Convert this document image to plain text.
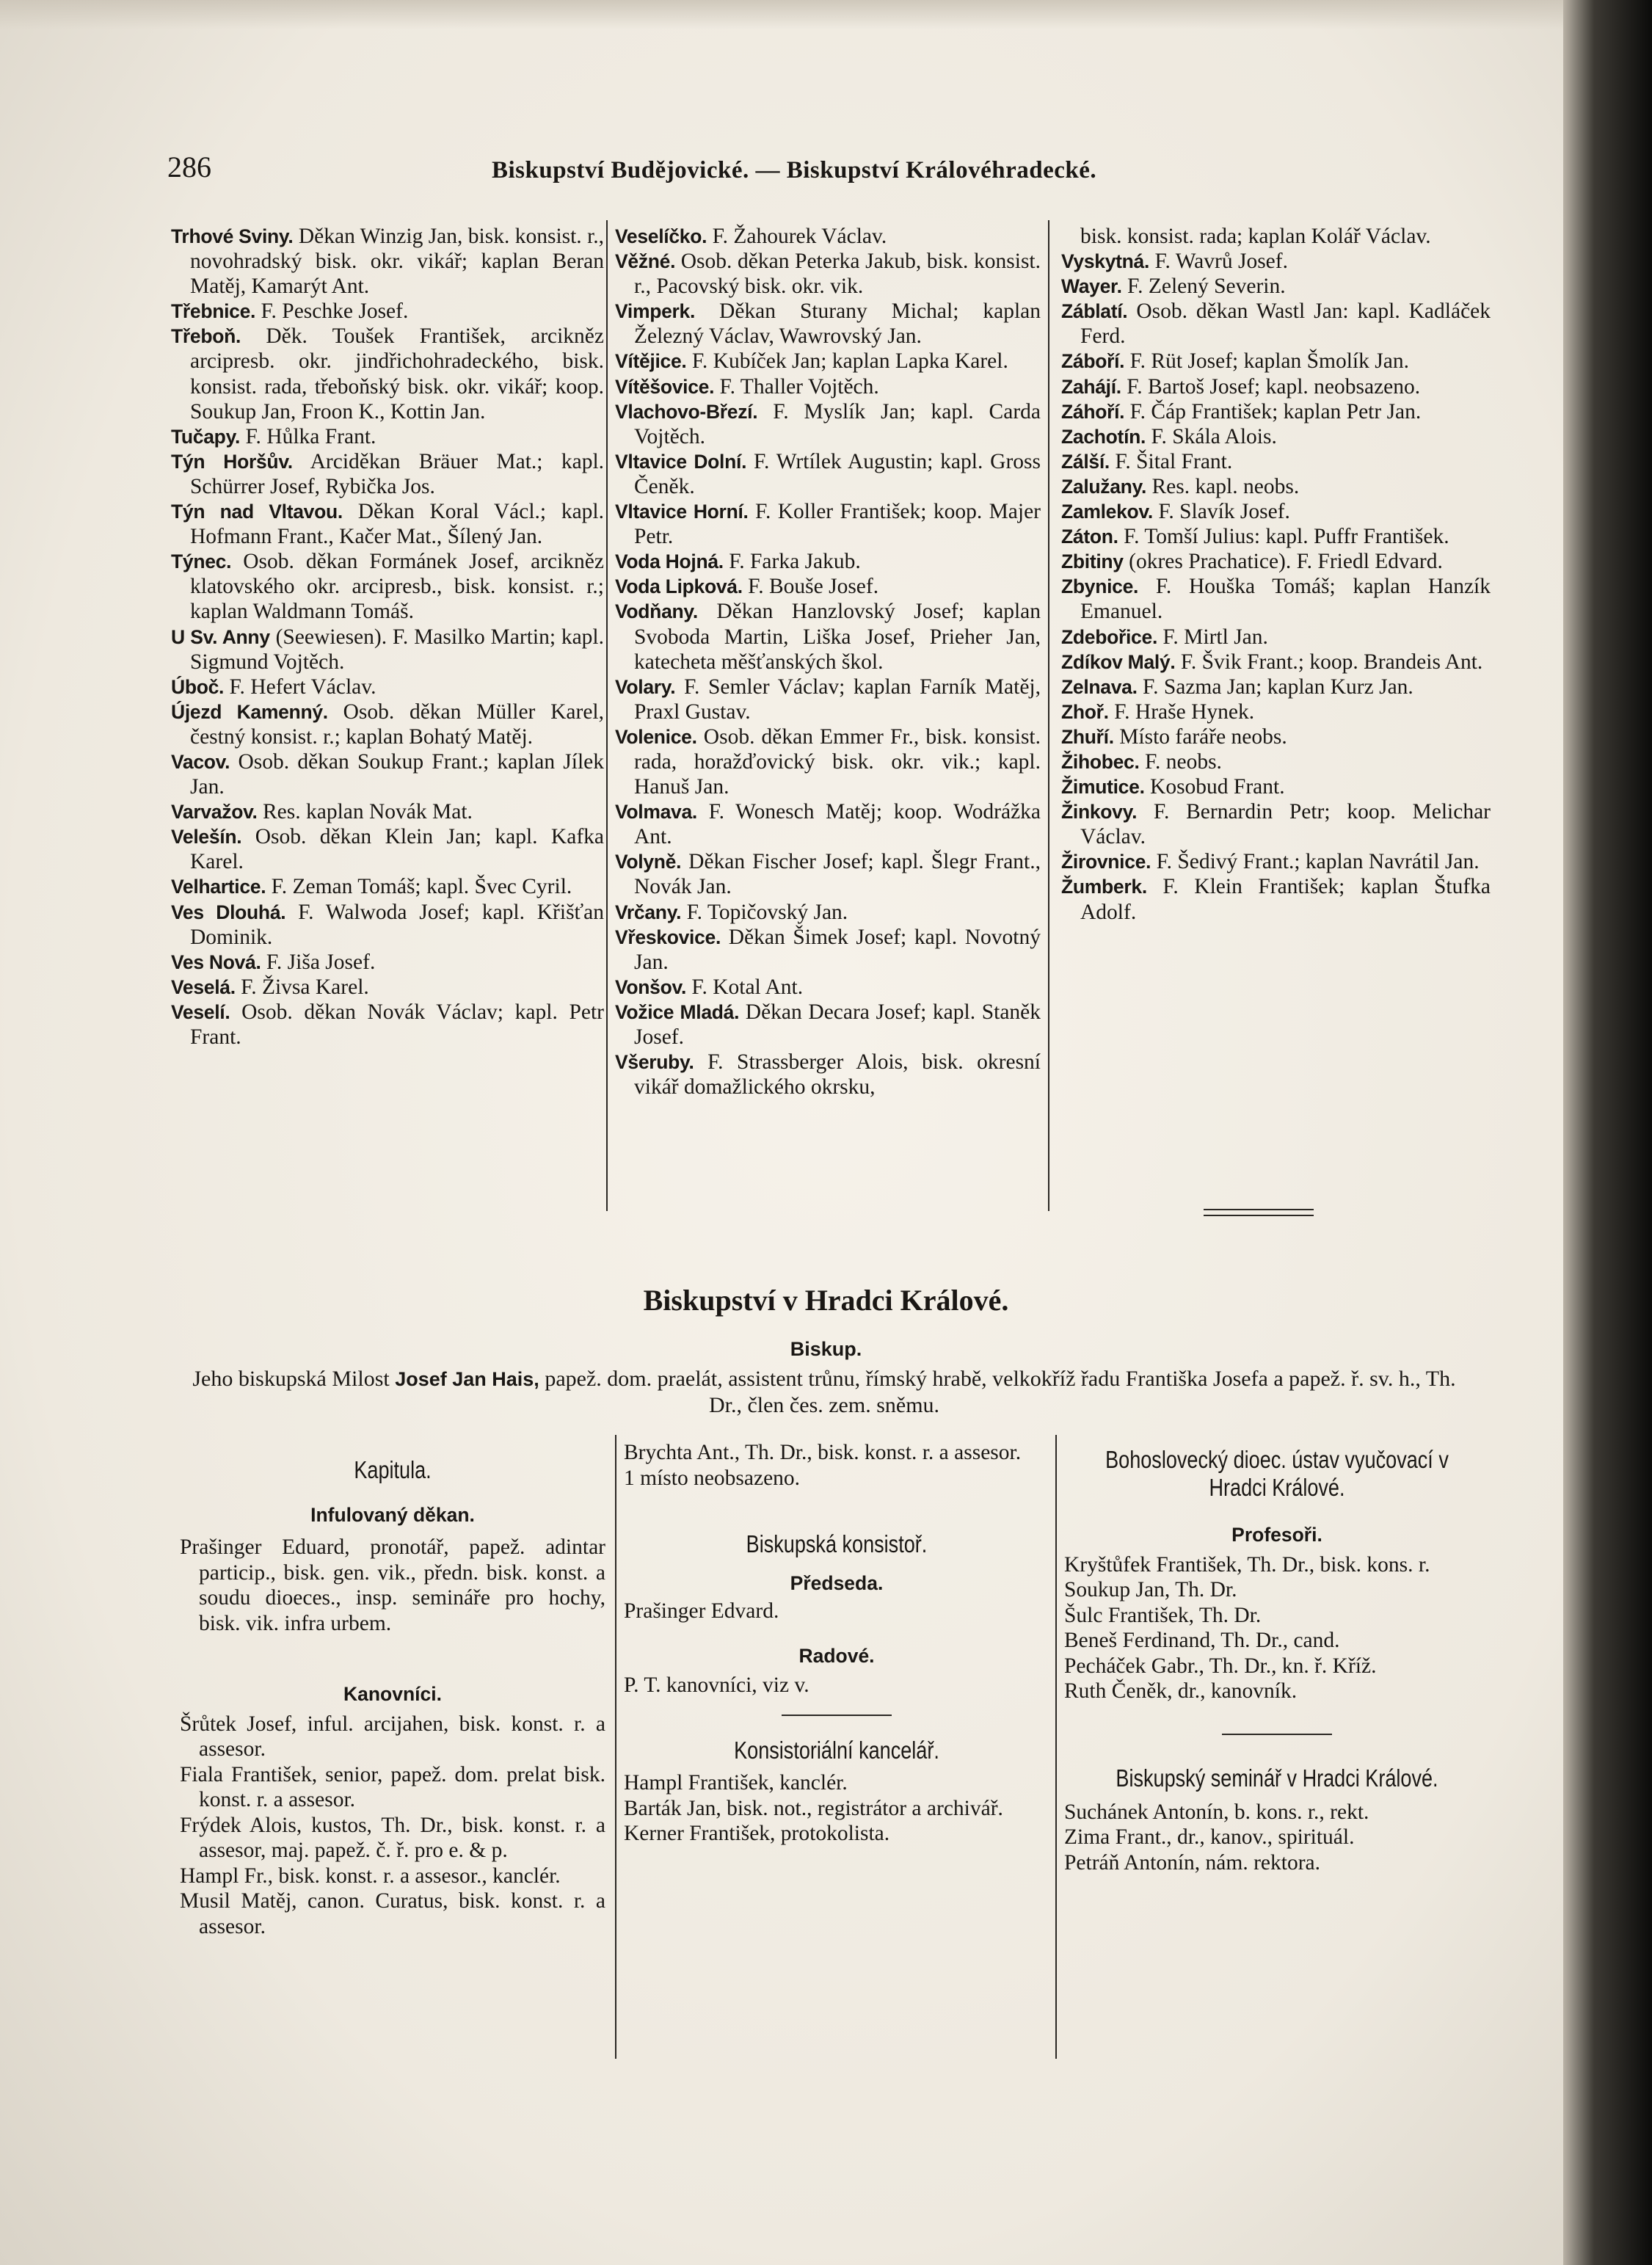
286	Biskupství Budějovické. — Biskupství Královéhradecké.

Trhové Sviny. Děkan Winzig Jan, bisk. konsist. r., novohradský bisk. okr. vikář; kaplan Beran Matěj, Kamarýt Ant.

Třebnice. F. Peschke Josef.

Třeboň. Děk. Toušek František, arcikněz arcipresb. okr. jindřichohradeckého, bisk. konsist. rada, třeboňský bisk. okr. vikář; koop. Soukup Jan, Froon K., Kottin Jan.

Tučapy. F. Hůlka Frant.

Týn Horšův. Arciděkan Bräuer Mat.; kapl. Schürrer Josef, Rybička Jos.

Týn nad Vltavou. Děkan Koral Václ.; kapl. Hofmann Frant., Kačer Mat., Šílený Jan.

Týnec. Osob. děkan Formánek Josef, arcikněz klatovského okr. arcipresb., bisk. konsist. r.; kaplan Waldmann Tomáš.

U Sv. Anny (Seewiesen). F. Masilko Martin; kapl. Sigmund Vojtěch.

Úboč. F. Hefert Václav.

Újezd Kamenný. Osob. děkan Müller Karel, čestný konsist. r.; kaplan Bohatý Matěj.

Vacov. Osob. děkan Soukup Frant.; kaplan Jílek Jan.

Varvažov. Res. kaplan Novák Mat.

Velešín. Osob. děkan Klein Jan; kapl. Kafka Karel.

Velhartice. F. Zeman Tomáš; kapl. Švec Cyril.

Ves Dlouhá. F. Walwoda Josef; kapl. Křišťan Dominik.

Ves Nová. F. Jiša Josef.

Veselá. F. Živsa Karel.

Veselí. Osob. děkan Novák Václav; kapl. Petr Frant.

Veselíčko. F. Žahourek Václav.

Věžné. Osob. děkan Peterka Jakub, bisk. konsist. r., Pacovský bisk. okr. vik.

Vimperk. Děkan Sturany Michal; kaplan Železný Václav, Wawrovský Jan.

Vítějice. F. Kubíček Jan; kaplan Lapka Karel.

Vítěšovice. F. Thaller Vojtěch.

Vlachovo-Březí. F. Myslík Jan; kapl. Carda Vojtěch.

Vltavice Dolní. F. Wrtílek Augustin; kapl. Gross Čeněk.

Vltavice Horní. F. Koller František; koop. Majer Petr.

Voda Hojná. F. Farka Jakub.

Voda Lipková. F. Bouše Josef.

Vodňany. Děkan Hanzlovský Josef; kaplan Svoboda Martin, Liška Josef, Prieher Jan, katecheta měšťanských škol.

Volary. F. Semler Václav; kaplan Farník Matěj, Praxl Gustav.

Volenice. Osob. děkan Emmer Fr., bisk. konsist. rada, horažďovický bisk. okr. vik.; kapl. Hanuš Jan.

Volmava. F. Wonesch Matěj; koop. Wodrážka Ant.

Volyně. Děkan Fischer Josef; kapl. Šlegr Frant., Novák Jan.

Vrčany. F. Topičovský Jan.

Vřeskovice. Děkan Šimek Josef; kapl. Novotný Jan.

Vonšov. F. Kotal Ant.

Vožice Mladá. Děkan Decara Josef; kapl. Staněk Josef.

Všeruby. F. Strassberger Alois, bisk. okresní vikář domažlického okrsku,

bisk. konsist. rada; kaplan Kolář Václav.

Vyskytná. F. Wavrů Josef.

Wayer. F. Zelený Severin.

Záblatí. Osob. děkan Wastl Jan: kapl. Kadláček Ferd.

Záboří. F. Rüt Josef; kaplan Šmolík Jan.

Zahájí. F. Bartoš Josef; kapl. neobsazeno.

Záhoří. F. Čáp František; kaplan Petr Jan.

Zachotín. F. Skála Alois.

Zálší. F. Šital Frant.

Zalužany. Res. kapl. neobs.

Zamlekov. F. Slavík Josef.

Záton. F. Tomší Julius: kapl. Puffr František.

Zbitiny (okres Prachatice). F. Friedl Edvard.

Zbynice. F. Houška Tomáš; kaplan Hanzík Emanuel.

Zdebořice. F. Mirtl Jan.

Zdíkov Malý. F. Švik Frant.; koop. Brandeis Ant.

Zelnava. F. Sazma Jan; kaplan Kurz Jan.

Zhoř. F. Hraše Hynek.

Zhuří. Místo faráře neobs.

Žihobec. F. neobs.

Žimutice. Kosobud Frant.

Žinkovy. F. Bernardin Petr; koop. Melichar Václav.

Žirovnice. F. Šedivý Frant.; kaplan Navrátil Jan.

Žumberk. F. Klein František; kaplan Štufka Adolf.

Biskupství v Hradci Králové.
Biskup.
Jeho biskupská Milost Josef Jan Hais, papež. dom. praelát, assistent trůnu, římský hrabě, velkokříž řadu Františka Josefa a papež. ř. sv. h., Th. Dr., člen čes. zem. sněmu.

Kapitula.

Infulovaný děkan.

Prašinger Eduard, pronotář, papež. adintar particip., bisk. gen. vik., předn. bisk. konst. a soudu dioeces., insp. semináře pro hochy, bisk. vik. infra urbem.

Kanovníci.

Šrůtek Josef, inful. arcijahen, bisk. konst. r. a assesor.

Fiala František, senior, papež. dom. prelat bisk. konst. r. a assesor.

Frýdek Alois, kustos, Th. Dr., bisk. konst. r. a assesor, maj. papež. č. ř. pro e. & p.

Hampl Fr., bisk. konst. r. a assesor., kanclér.

Musil Matěj, canon. Curatus, bisk. konst. r. a assesor.

Brychta Ant., Th. Dr., bisk. konst. r. a assesor.

1 místo neobsazeno.

Biskupská konsistoř.

Předseda.

Prašinger Edvard.

Radové.

P. T. kanovníci, viz v.

Konsistoriální kancelář.

Hampl František, kanclér.

Barták Jan, bisk. not., registrátor a archivář.

Kerner František, protokolista.

Bohoslovecký dioec. ústav vyučovací v Hradci Králové.

Profesoři.

Kryštůfek František, Th. Dr., bisk. kons. r.

Soukup Jan, Th. Dr.

Šulc František, Th. Dr.

Beneš Ferdinand, Th. Dr., cand.

Pecháček Gabr., Th. Dr., kn. ř. Kříž.

Ruth Čeněk, dr., kanovník.

Biskupský seminář v Hradci Králové.

Suchánek Antonín, b. kons. r., rekt.

Zima Frant., dr., kanov., spirituál.

Petráň Antonín, nám. rektora.
